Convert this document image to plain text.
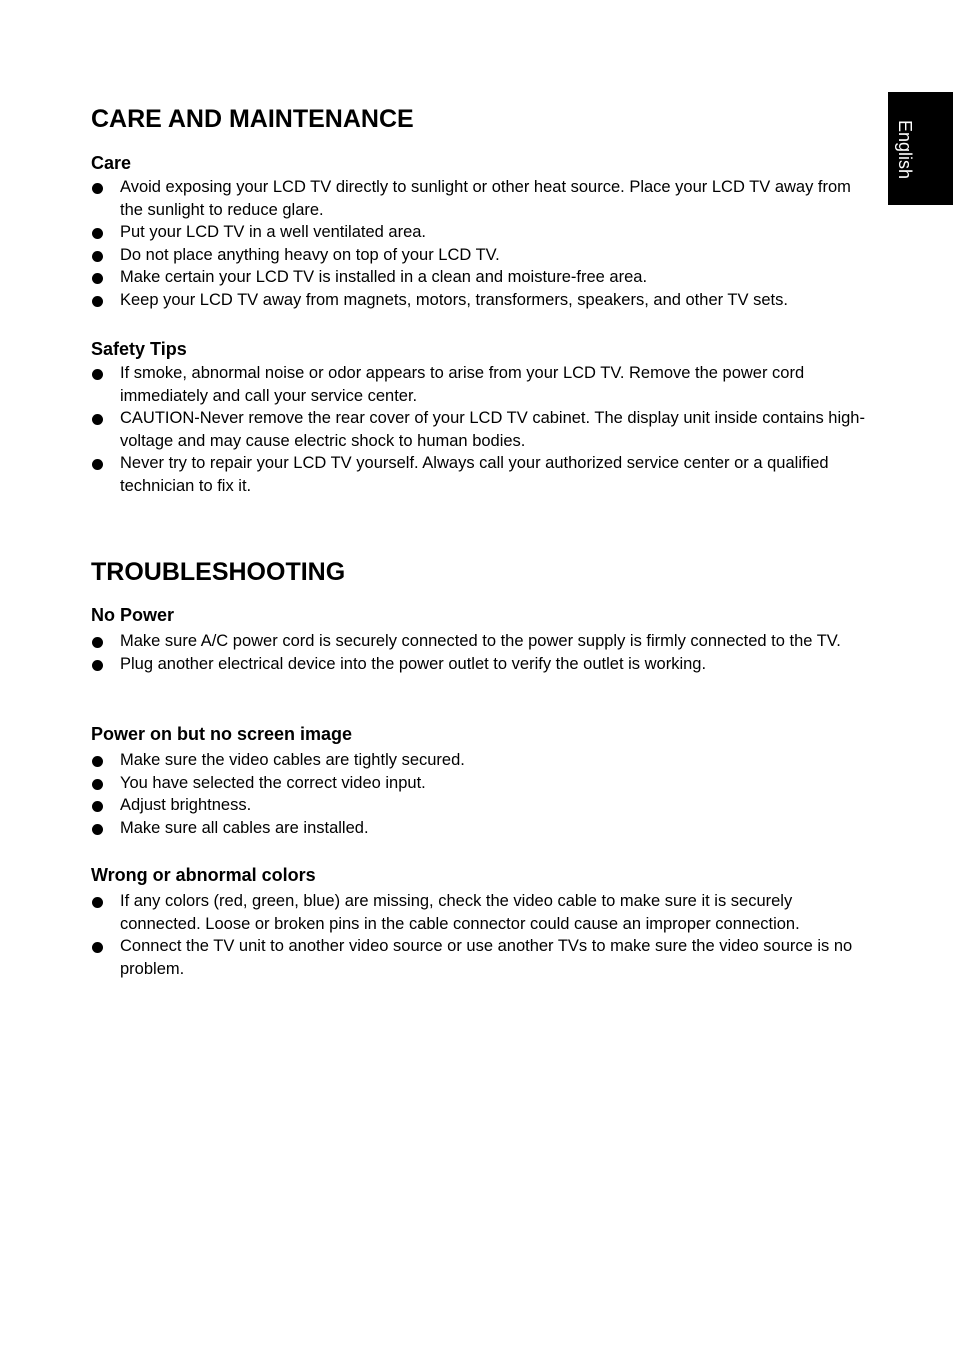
English
CARE AND MAINTENANCE
Care
Avoid exposing your LCD TV directly to sunlight or other heat source. Place your LCD TV away from the sunlight to reduce glare.
Put your LCD TV in a well ventilated area.
Do not place anything heavy on top of your LCD TV.
Make certain your LCD TV is installed in a clean and moisture-free area.
Keep your LCD TV away from magnets, motors, transformers, speakers, and other TV sets.
Safety Tips
If smoke, abnormal noise or odor appears to arise from your LCD TV. Remove the power cord immediately and call your service center.
CAUTION-Never remove the rear cover of your LCD TV cabinet. The display unit inside contains high-voltage and may cause electric shock to human bodies.
Never try to repair your LCD TV yourself. Always call your authorized service center or a qualified technician to fix it.
TROUBLESHOOTING
No Power
Make sure A/C power cord is securely connected to the power supply is firmly connected to the TV.
Plug another electrical device into the power outlet to verify the outlet is working.
Power on but no screen image
Make sure the video cables are tightly secured.
You have selected the correct video input.
Adjust brightness.
Make sure all cables are installed.
Wrong or abnormal colors
If any colors (red, green, blue) are missing, check the video cable to make sure it is securely connected. Loose or broken pins in the cable connector could cause an improper connection.
Connect the TV unit to another video source or use another TVs to make sure the video source is no problem.
